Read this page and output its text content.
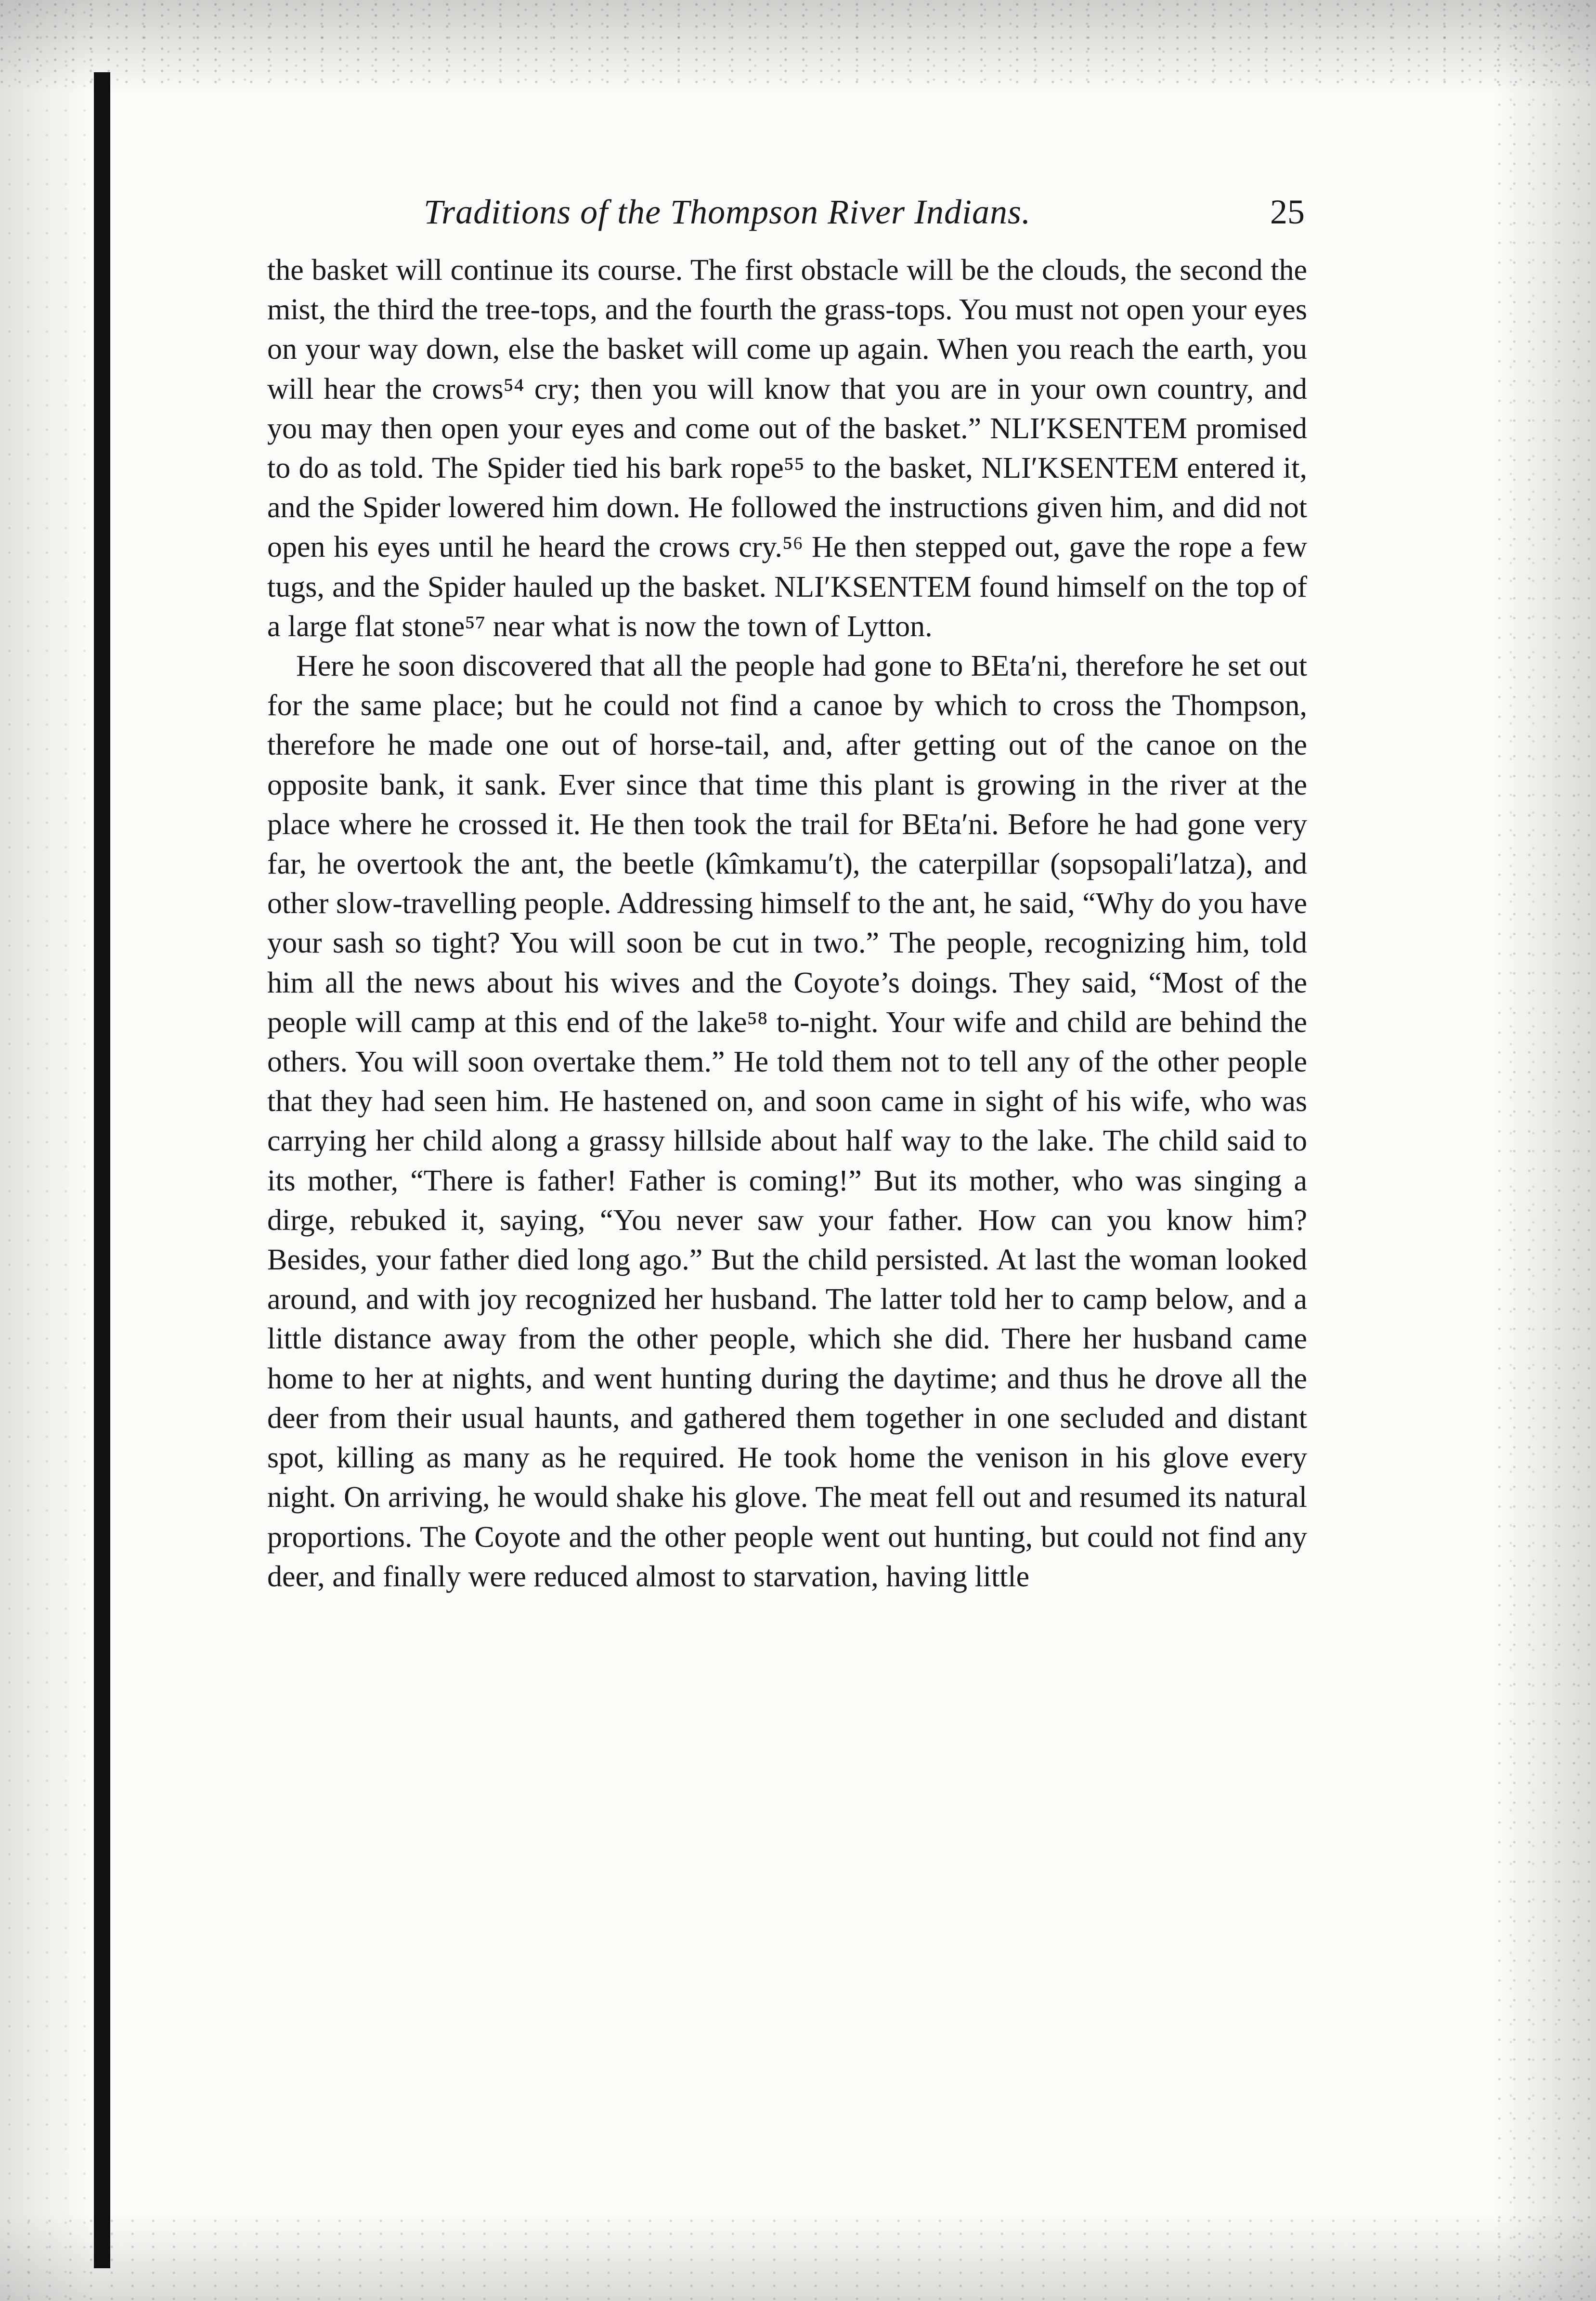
Traditions of the Thompson River Indians.	25

the basket will continue its course. The first obstacle will be the clouds, the second the mist, the third the tree-tops, and the fourth the grass-tops. You must not open your eyes on your way down, else the basket will come up again. When you reach the earth, you will hear the crows⁵⁴ cry; then you will know that you are in your own country, and you may then open your eyes and come out of the basket.” NLI′KSENTEM promised to do as told. The Spider tied his bark rope⁵⁵ to the basket, NLI′KSENTEM entered it, and the Spider lowered him down. He followed the instructions given him, and did not open his eyes until he heard the crows cry.⁵⁶ He then stepped out, gave the rope a few tugs, and the Spider hauled up the basket. NLI′KSENTEM found himself on the top of a large flat stone⁵⁷ near what is now the town of Lytton.

Here he soon discovered that all the people had gone to BEta′ni, therefore he set out for the same place; but he could not find a canoe by which to cross the Thompson, therefore he made one out of horse-tail, and, after getting out of the canoe on the opposite bank, it sank. Ever since that time this plant is growing in the river at the place where he crossed it. He then took the trail for BEta′ni. Before he had gone very far, he overtook the ant, the beetle (kîmkamu′t), the caterpillar (sopsopali′latza), and other slow-travelling people. Addressing himself to the ant, he said, “Why do you have your sash so tight? You will soon be cut in two.” The people, recognizing him, told him all the news about his wives and the Coyote’s doings. They said, “Most of the people will camp at this end of the lake⁵⁸ to-night. Your wife and child are behind the others. You will soon overtake them.” He told them not to tell any of the other people that they had seen him. He hastened on, and soon came in sight of his wife, who was carrying her child along a grassy hillside about half way to the lake. The child said to its mother, “There is father! Father is coming!” But its mother, who was singing a dirge, rebuked it, saying, “You never saw your father. How can you know him? Besides, your father died long ago.” But the child persisted. At last the woman looked around, and with joy recognized her husband. The latter told her to camp below, and a little distance away from the other people, which she did. There her husband came home to her at nights, and went hunting during the daytime; and thus he drove all the deer from their usual haunts, and gathered them together in one secluded and distant spot, killing as many as he required. He took home the venison in his glove every night. On arriving, he would shake his glove. The meat fell out and resumed its natural proportions. The Coyote and the other people went out hunting, but could not find any deer, and finally were reduced almost to starvation, having little
